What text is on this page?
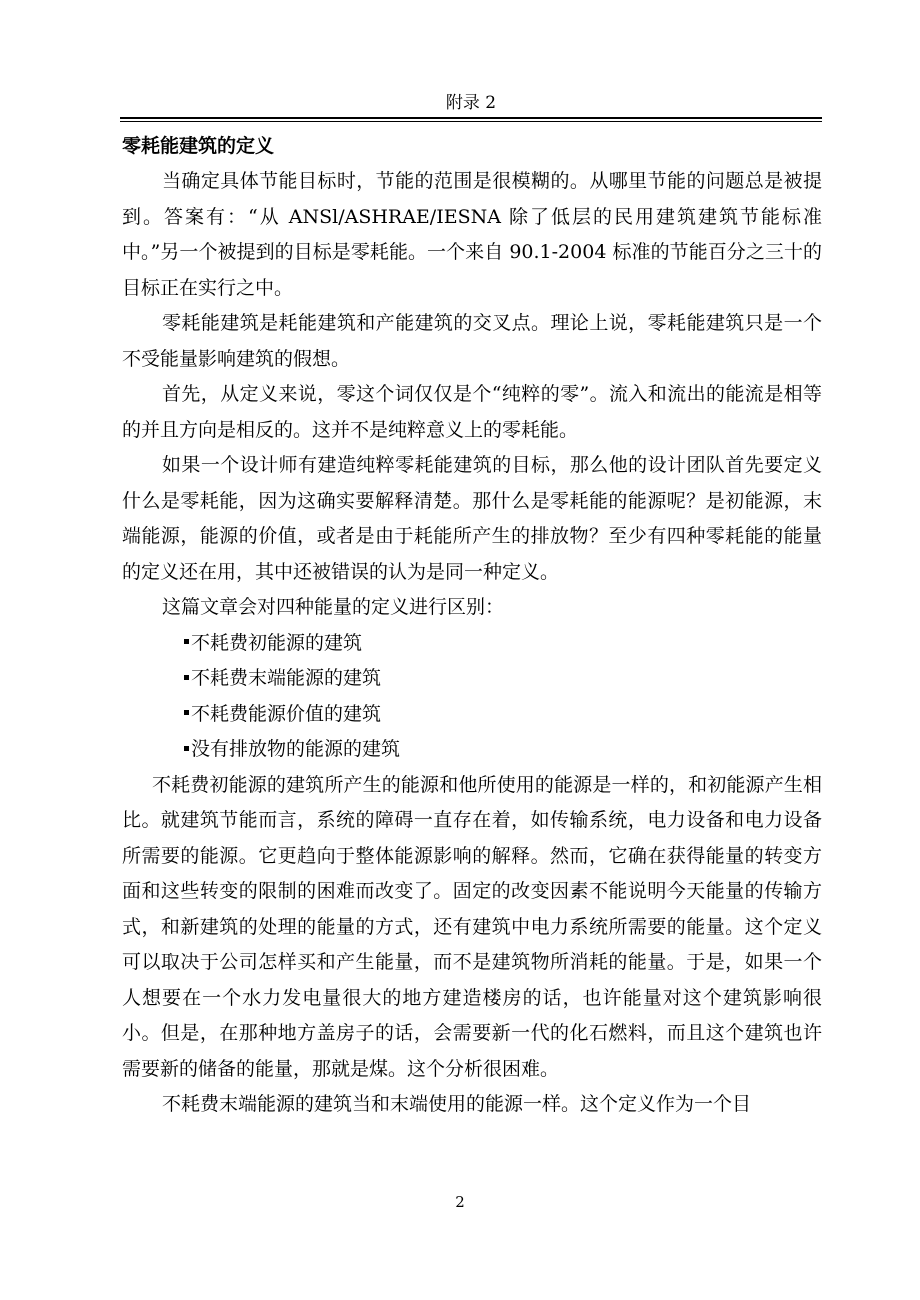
附录 2
零耗能建筑的定义

当确定具体节能目标时，节能的范围是很模糊的。从哪里节能的问题总是被提到。答案有：“从 ANSl/ASHRAE/IESNA 除了低层的民用建筑建筑节能标准中。”另一个被提到的目标是零耗能。一个来自 90.1-2004 标准的节能百分之三十的目标正在实行之中。

零耗能建筑是耗能建筑和产能建筑的交叉点。理论上说，零耗能建筑只是一个不受能量影响建筑的假想。

首先，从定义来说，零这个词仅仅是个“纯粹的零”。流入和流出的能流是相等的并且方向是相反的。这并不是纯粹意义上的零耗能。

如果一个设计师有建造纯粹零耗能建筑的目标，那么他的设计团队首先要定义什么是零耗能，因为这确实要解释清楚。那什么是零耗能的能源呢？是初能源，末端能源，能源的价值，或者是由于耗能所产生的排放物？至少有四种零耗能的能量的定义还在用，其中还被错误的认为是同一种定义。

这篇文章会对四种能量的定义进行区别：

不耗费初能源的建筑
不耗费末端能源的建筑
不耗费能源价值的建筑
没有排放物的能源的建筑

不耗费初能源的建筑所产生的能源和他所使用的能源是一样的，和初能源产生相比。就建筑节能而言，系统的障碍一直存在着，如传输系统，电力设备和电力设备所需要的能源。它更趋向于整体能源影响的解释。然而，它确在获得能量的转变方面和这些转变的限制的困难而改变了。固定的改变因素不能说明今天能量的传输方式，和新建筑的处理的能量的方式，还有建筑中电力系统所需要的能量。这个定义可以取决于公司怎样买和产生能量，而不是建筑物所消耗的能量。于是，如果一个人想要在一个水力发电量很大的地方建造楼房的话，也许能量对这个建筑影响很小。但是，在那种地方盖房子的话，会需要新一代的化石燃料，而且这个建筑也许需要新的储备的能量，那就是煤。这个分析很困难。

不耗费末端能源的建筑当和末端使用的能源一样。这个定义作为一个目

2
